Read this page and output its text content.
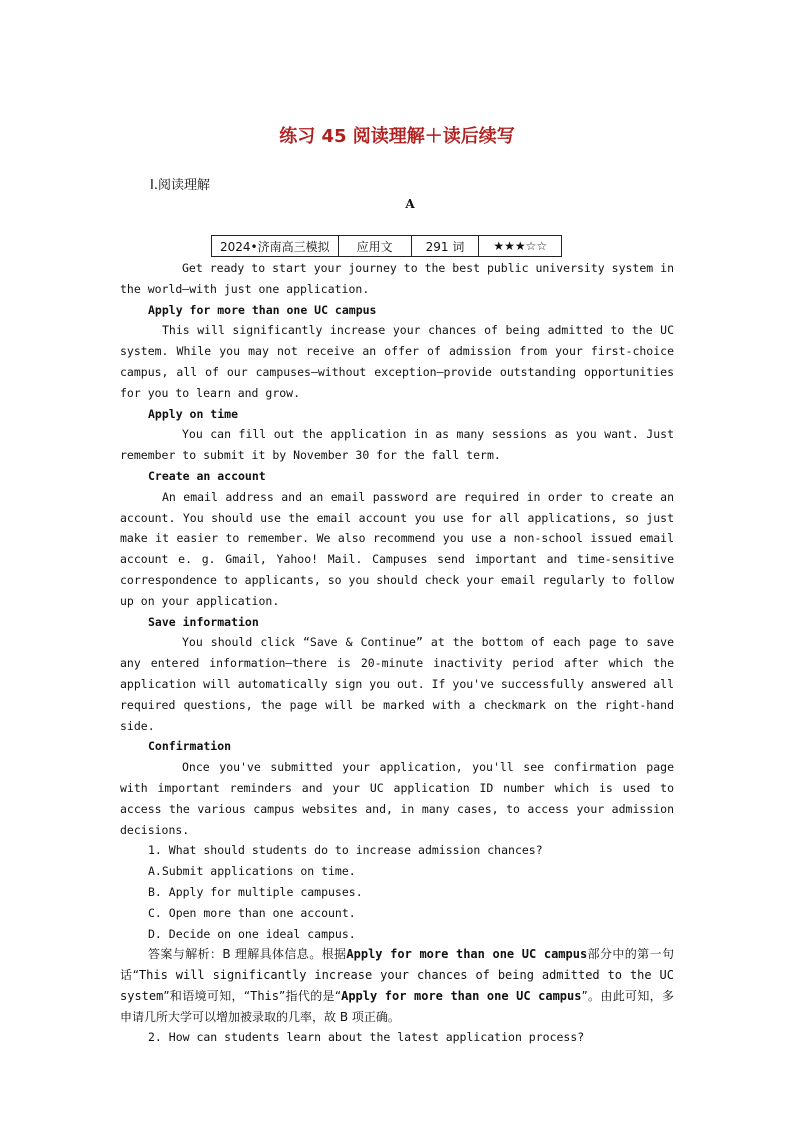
练习 45 阅读理解＋读后续写
Ⅰ.阅读理解
A
2024•济南高三模拟	应用文	291 词	★★★☆☆

Get ready to start your journey to the best public university system in the world—with just one application.

Apply for more than one UC campus

This will significantly increase your chances of being admitted to the UC system. While you may not receive an offer of admission from your first-choice campus, all of our campuses—without exception—provide outstanding opportunities for you to learn and grow.

Apply on time

You can fill out the application in as many sessions as you want. Just remember to submit it by November 30 for the fall term.

Create an account

An email address and an email password are required in order to create an account. You should use the email account you use for all applications, so just make it easier to remember. We also recommend you use a non-school issued email account e. g. Gmail, Yahoo! Mail. Campuses send important and time-sensitive correspondence to applicants, so you should check your email regularly to follow up on your application.

Save information

You should click “Save & Continue” at the bottom of each page to save any entered information—there is 20-minute inactivity period after which the application will automatically sign you out. If you've successfully answered all required questions, the page will be marked with a checkmark on the right-hand side.

Confirmation

Once you've submitted your application, you'll see confirmation page with important reminders and your UC application ID number which is used to access the various campus websites and, in many cases, to access your admission decisions.

1. What should students do to increase admission chances?

A.Submit applications on time.

B. Apply for multiple campuses.

C. Open more than one account.

D. Decide on one ideal campus.

答案与解析：B 理解具体信息。根据Apply for more than one UC campus部分中的第一句话“This will significantly increase your chances of being admitted to the UC system”和语境可知，“This”指代的是“Apply for more than one UC campus”。由此可知，多申请几所大学可以增加被录取的几率，故 B 项正确。

2. How can students learn about the latest application process?
